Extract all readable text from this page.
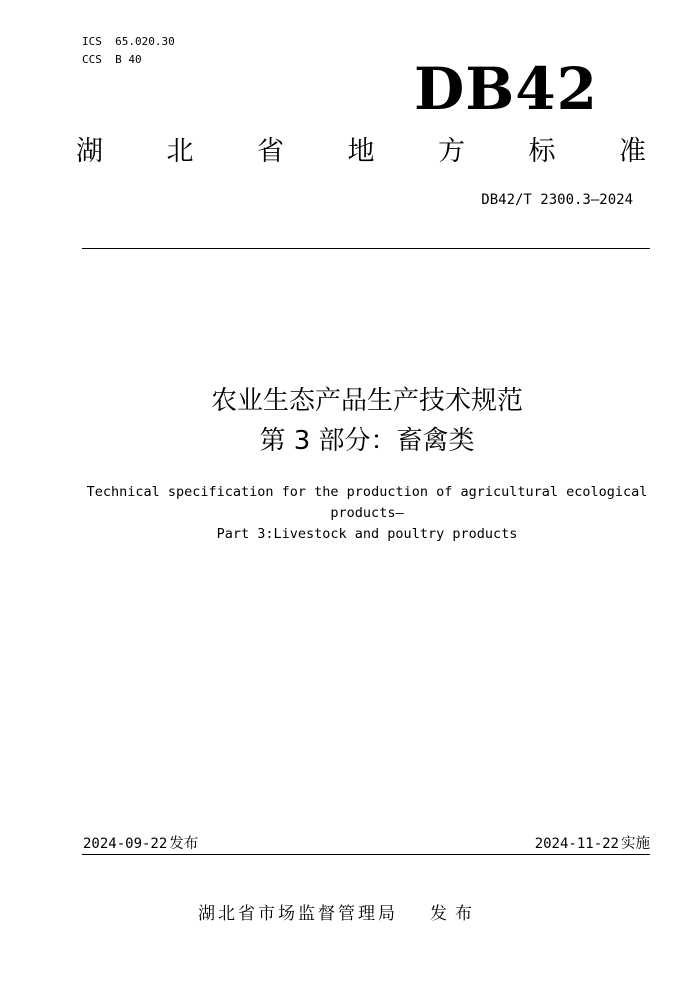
ICS  65.020.30
CCS  B 40	DB42
湖 北 省 地 方 标 准
DB42/T 2300.3—2024
农业生态产品生产技术规范
第 3 部分：畜禽类
Technical specification for the production of agricultural ecological
products—
Part 3:Livestock and poultry products
2024-09-22 发布	2024-11-22 实施
湖北省市场监督管理局 发布
